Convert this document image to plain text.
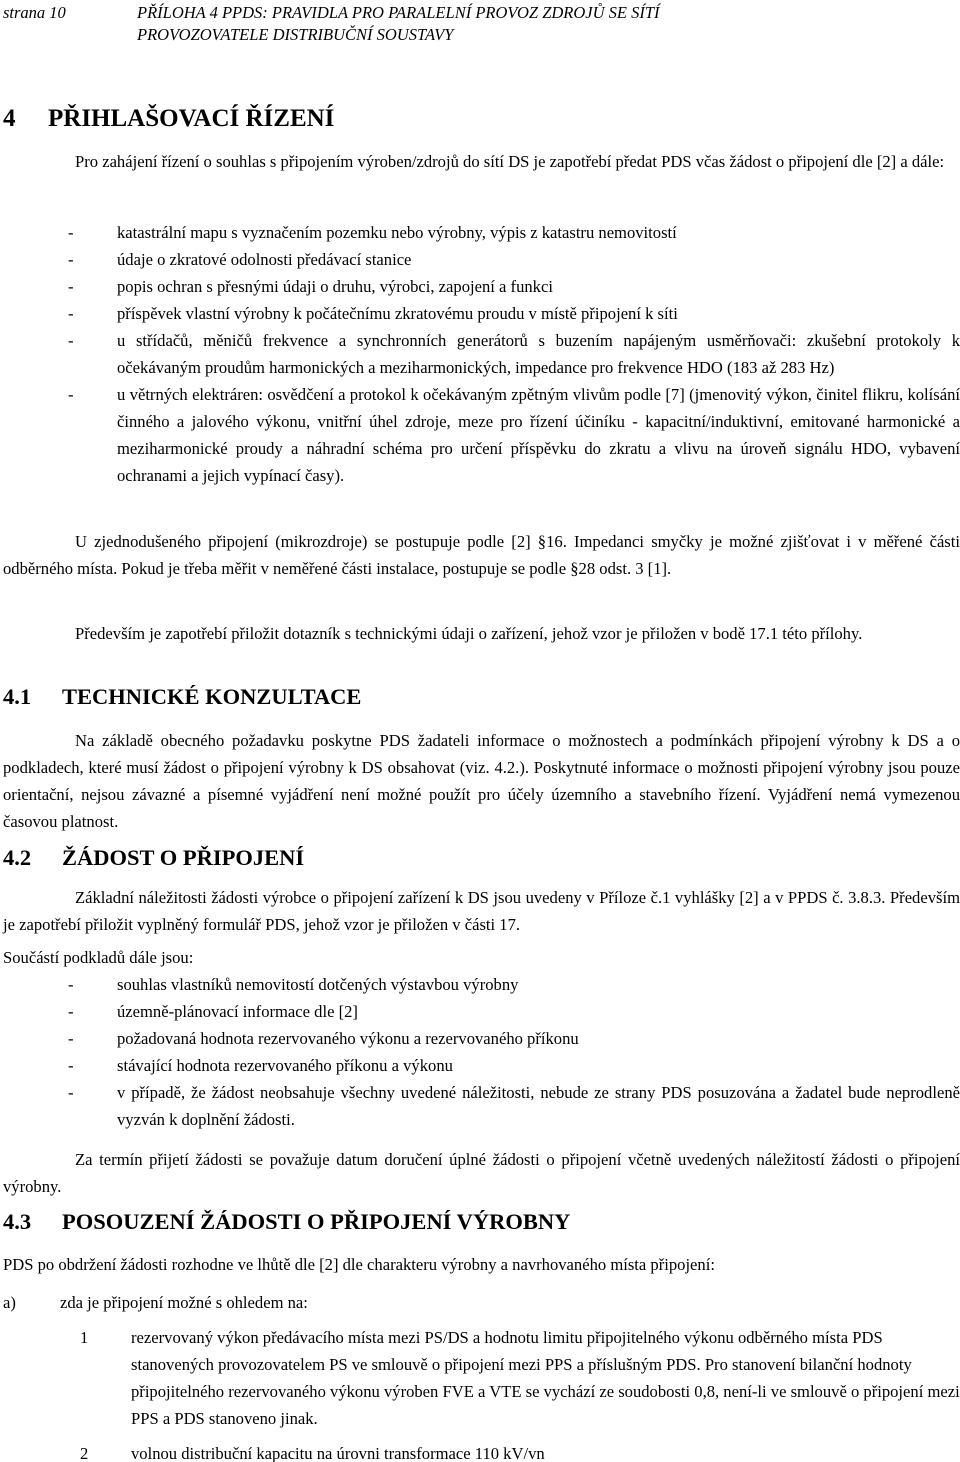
strana 10	PŘÍLOHA 4 PPDS: PRAVIDLA PRO PARALELNÍ PROVOZ ZDROJŮ SE SÍTÍ
PROVOZOVATELE DISTRIBUČNÍ SOUSTAVY
4 PŘIHLAŠOVACÍ ŘÍZENÍ
Pro zahájení řízení o souhlas s připojením výroben/zdrojů do sítí DS je zapotřebí předat PDS včas žádost o připojení dle [2] a dále:
- katastrální mapu s vyznačením pozemku nebo výrobny, výpis z katastru nemovitostí
- údaje o zkratové odolnosti předávací stanice
- popis ochran s přesnými údaji o druhu, výrobci, zapojení a funkci
- příspěvek vlastní výrobny k počátečnímu zkratovému proudu v místě připojení k síti
- u střídačů, měničů frekvence a synchronních generátorů s buzením napájeným usměrňovači: zkušební protokoly k očekávaným proudům harmonických a meziharmonických, impedance pro frekvence HDO (183 až 283 Hz)
- u větrných elektráren: osvědčení a protokol k očekávaným zpětným vlivům podle [7] (jmenovitý výkon, činitel flikru, kolísání činného a jalového výkonu, vnitřní úhel zdroje, meze pro řízení účiníku - kapacitní/induktivní, emitované harmonické a meziharmonické proudy a náhradní schéma pro určení příspěvku do zkratu a vlivu na úroveň signálu HDO, vybavení ochranami a jejich vypínací časy).
U zjednodušeného připojení (mikrozdroje) se postupuje podle [2] §16. Impedanci smyčky je možné zjišťovat i v měřené části odběrného místa. Pokud je třeba měřit v neměřené části instalace, postupuje se podle §28 odst. 3 [1].
Především je zapotřebí přiložit dotazník s technickými údaji o zařízení, jehož vzor je přiložen v bodě 17.1 této přílohy.
4.1 TECHNICKÉ KONZULTACE
Na základě obecného požadavku poskytne PDS žadateli informace o možnostech a podmínkách připojení výrobny k DS a o podkladech, které musí žádost o připojení výrobny k DS obsahovat (viz. 4.2.). Poskytnuté informace o možnosti připojení výrobny jsou pouze orientační, nejsou závazné a písemné vyjádření není možné použít pro účely územního a stavebního řízení. Vyjádření nemá vymezenou časovou platnost.
4.2 ŽÁDOST O PŘIPOJENÍ
Základní náležitosti žádosti výrobce o připojení zařízení k DS jsou uvedeny v Příloze č.1 vyhlášky [2] a v PPDS č. 3.8.3. Především je zapotřebí přiložit vyplněný formulář PDS, jehož vzor je přiložen v části 17.
Součástí podkladů dále jsou:
- souhlas vlastníků nemovitostí dotčených výstavbou výrobny
- územně-plánovací informace dle [2]
- požadovaná hodnota rezervovaného výkonu a rezervovaného příkonu
- stávající hodnota rezervovaného příkonu a výkonu
- v případě, že žádost neobsahuje všechny uvedené náležitosti, nebude ze strany PDS posuzována a žadatel bude neprodleně vyzván k doplnění žádosti.
Za termín přijetí žádosti se považuje datum doručení úplné žádosti o připojení včetně uvedených náležitostí žádosti o připojení výrobny.
4.3 POSOUZENÍ ŽÁDOSTI O PŘIPOJENÍ VÝROBNY
PDS po obdržení žádosti rozhodne ve lhůtě dle [2] dle charakteru výrobny a navrhovaného místa připojení:
a)	zda je připojení možné s ohledem na:
1	rezervovaný výkon předávacího místa mezi PS/DS a hodnotu limitu připojitelného výkonu odběrného místa PDS stanovených provozovatelem PS ve smlouvě o připojení mezi PPS a příslušným PDS. Pro stanovení bilanční hodnoty připojitelného rezervovaného výkonu výroben FVE a VTE se vychází ze soudobosti 0,8, není-li ve smlouvě o připojení mezi PPS a PDS stanoveno jinak.
2	volnou distribuční kapacitu na úrovni transformace 110 kV/vn
